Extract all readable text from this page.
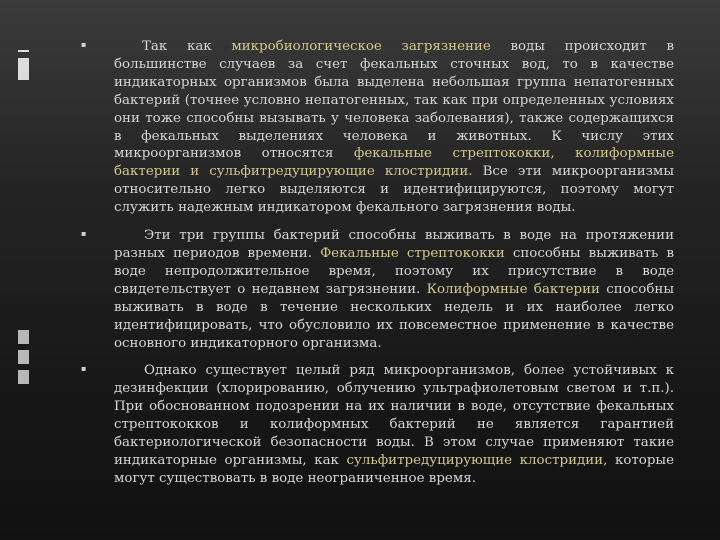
▪	Так как микробиологическое загрязнение воды происходит в большинстве случаев за счет фекальных сточных вод, то в качестве индикаторных организмов была выделена небольшая группа непатогенных бактерий (точнее условно непатогенных, так как при определенных условиях они тоже способны вызывать у человека заболевания), также содержащихся в фекальных выделениях человека и животных. К числу этих микроорганизмов относятся фекальные стрептококки, колиформные бактерии и сульфитредуцирующие клостридии. Все эти микроорганизмы относительно легко выделяются и идентифицируются, поэтому могут служить надежным индикатором фекального загрязнения воды.

▪	Эти три группы бактерий способны выживать в воде на протяжении разных периодов времени. Фекальные стрептококки способны выживать в воде непродолжительное время, поэтому их присутствие в воде свидетельствует о недавнем загрязнении. Колиформные бактерии способны выживать в воде в течение нескольких недель и их наиболее легко идентифицировать, что обусловило их повсеместное применение в качестве основного индикаторного организма.

▪	Однако существует целый ряд микроорганизмов, более устойчивых к дезинфекции (хлорированию, облучению ультрафиолетовым светом и т.п.). При обоснованном подозрении на их наличии в воде, отсутствие фекальных стрептококков и колиформных бактерий не является гарантией бактериологической безопасности воды. В этом случае применяют такие индикаторные организмы, как сульфитредуцирующие клостридии, которые могут существовать в воде неограниченное время.
